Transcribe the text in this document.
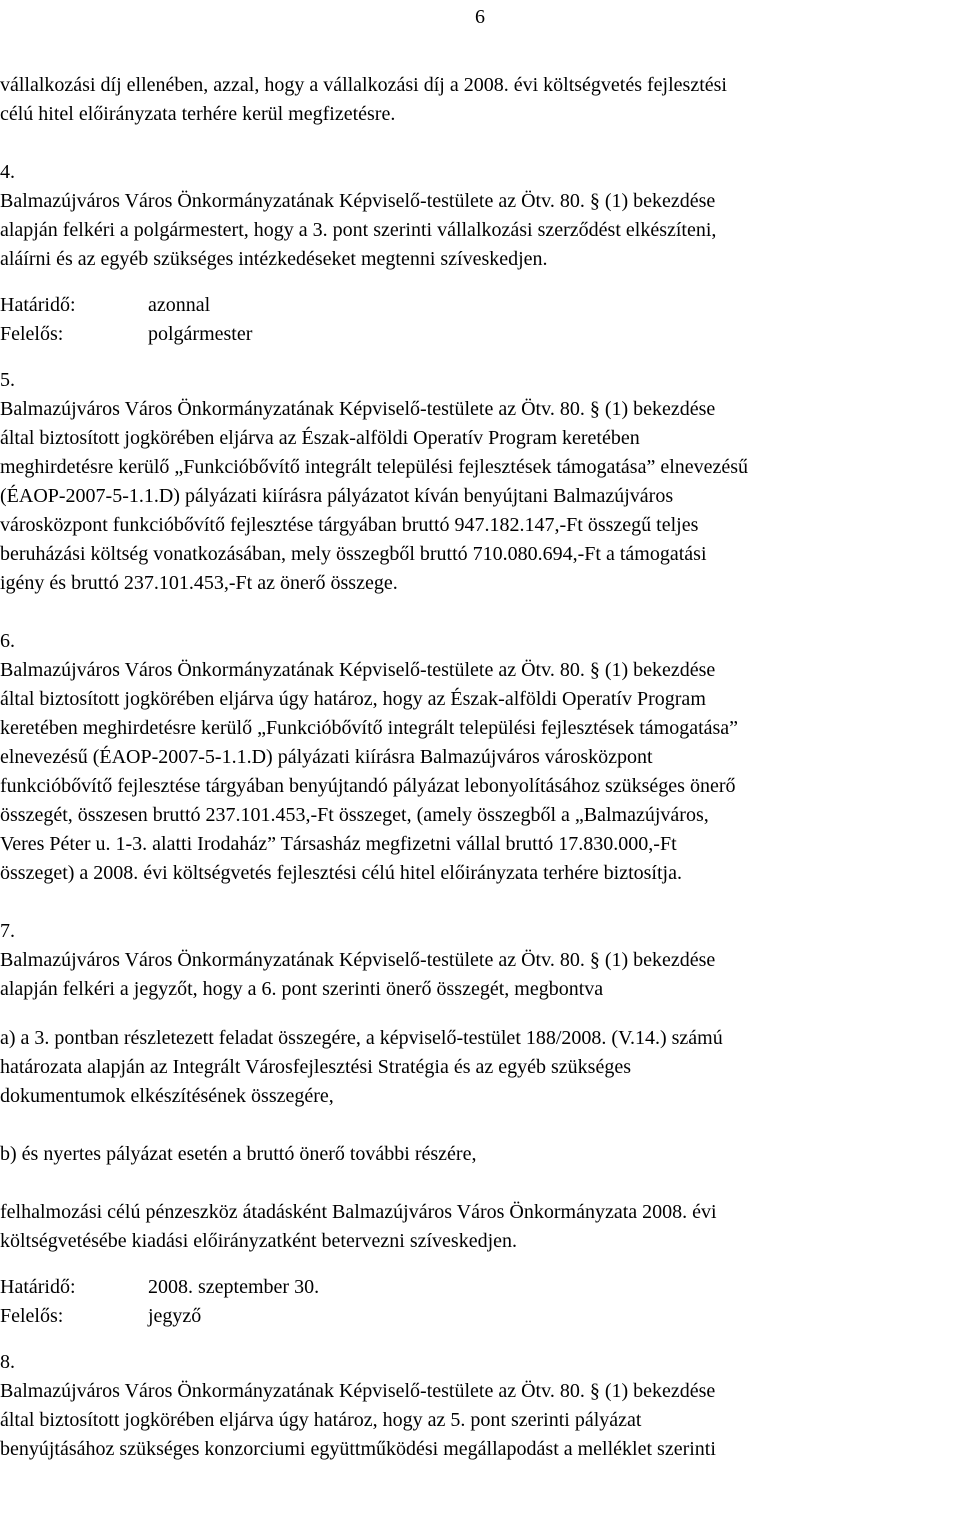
6

vállalkozási díj ellenében, azzal, hogy a vállalkozási díj a 2008. évi költségvetés fejlesztési

célú hitel előirányzata terhére kerül megfizetésre.

4.

Balmazújváros Város Önkormányzatának Képviselő-testülete az Ötv. 80. § (1) bekezdése

alapján felkéri a polgármestert, hogy a 3. pont szerinti vállalkozási szerződést elkészíteni,

aláírni és az egyéb szükséges intézkedéseket megtenni szíveskedjen.

Határidő:	azonnal
Felelős:	polgármester

5.

Balmazújváros Város Önkormányzatának Képviselő-testülete az Ötv. 80. § (1) bekezdése

által biztosított jogkörében eljárva az Észak-alföldi Operatív Program keretében

meghirdetésre kerülő „Funkcióbővítő integrált települési fejlesztések támogatása” elnevezésű

(ÉAOP-2007-5-1.1.D) pályázati kiírásra pályázatot kíván benyújtani Balmazújváros

városközpont funkcióbővítő fejlesztése tárgyában bruttó 947.182.147,-Ft összegű teljes

beruházási költség vonatkozásában, mely összegből bruttó 710.080.694,-Ft a támogatási

igény és bruttó 237.101.453,-Ft az önerő összege.

6.

Balmazújváros Város Önkormányzatának Képviselő-testülete az Ötv. 80. § (1) bekezdése

által biztosított jogkörében eljárva úgy határoz, hogy az Észak-alföldi Operatív Program

keretében meghirdetésre kerülő „Funkcióbővítő integrált települési fejlesztések támogatása”

elnevezésű (ÉAOP-2007-5-1.1.D) pályázati kiírásra Balmazújváros városközpont

funkcióbővítő fejlesztése tárgyában benyújtandó pályázat lebonyolításához szükséges önerő

összegét, összesen bruttó 237.101.453,-Ft összeget, (amely összegből a „Balmazújváros,

Veres Péter u. 1-3. alatti Irodaház” Társasház megfizetni vállal bruttó 17.830.000,-Ft

összeget) a 2008. évi költségvetés fejlesztési célú hitel előirányzata terhére biztosítja.

7.

Balmazújváros Város Önkormányzatának Képviselő-testülete az Ötv. 80. § (1) bekezdése

alapján felkéri a jegyzőt, hogy a 6. pont szerinti önerő összegét, megbontva

a) a 3. pontban részletezett feladat összegére, a képviselő-testület 188/2008. (V.14.) számú

határozata alapján az Integrált Városfejlesztési Stratégia és az egyéb szükséges

dokumentumok elkészítésének összegére,

b) és nyertes pályázat esetén a bruttó önerő további részére,

felhalmozási célú pénzeszköz átadásként Balmazújváros Város Önkormányzata 2008. évi

költségvetésébe kiadási előirányzatként betervezni szíveskedjen.

Határidő:	2008. szeptember 30.
Felelős:	jegyző

8.

Balmazújváros Város Önkormányzatának Képviselő-testülete az Ötv. 80. § (1) bekezdése

által biztosított jogkörében eljárva úgy határoz, hogy az 5. pont szerinti pályázat

benyújtásához szükséges konzorciumi együttműködési megállapodást a melléklet szerinti
